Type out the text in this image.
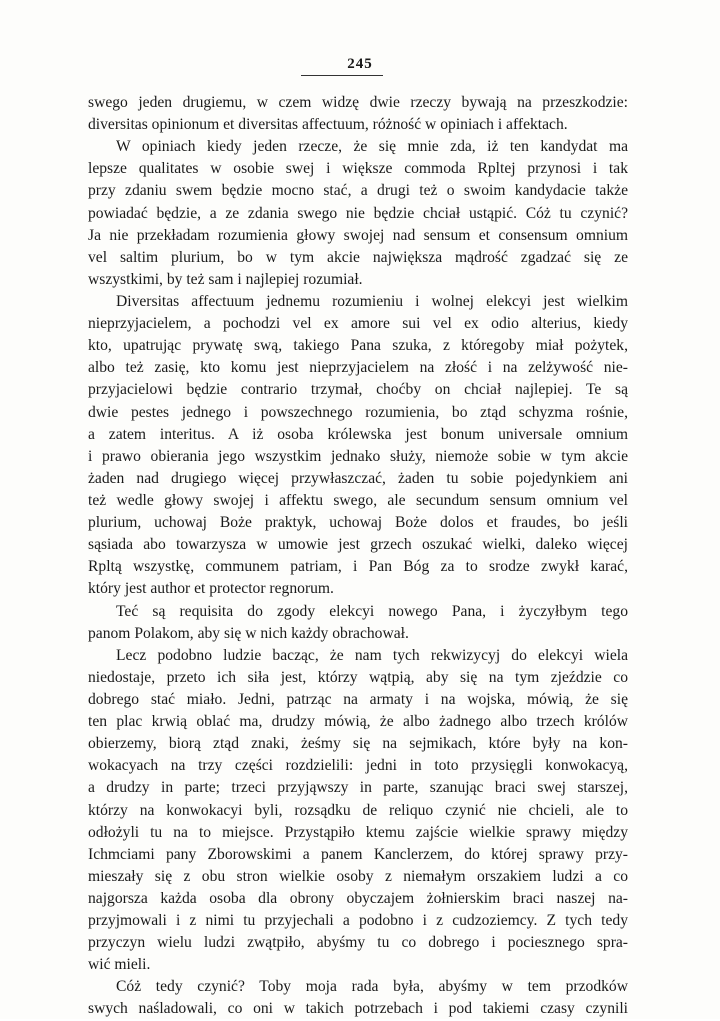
245
swego jeden drugiemu, w czem widzę dwie rzeczy bywają na przeszkodzie:
diversitas opinionum et diversitas affectuum, różność w opiniach i affektach.
W opiniach kiedy jeden rzecze, że się mnie zda, iż ten kandydat ma
lepsze qualitates w osobie swej i większe commoda Rpltej przynosi i tak
przy zdaniu swem będzie mocno stać, a drugi też o swoim kandydacie także
powiadać będzie, a ze zdania swego nie będzie chciał ustąpić. Cóż tu czynić?
Ja nie przekładam rozumienia głowy swojej nad sensum et consensum omnium
vel saltim plurium, bo w tym akcie największa mądrość zgadzać się ze
wszystkimi, by też sam i najlepiej rozumiał.
Diversitas affectuum jednemu rozumieniu i wolnej elekcyi jest wielkim
nieprzyjacielem, a pochodzi vel ex amore sui vel ex odio alterius, kiedy
kto, upatrując prywatę swą, takiego Pana szuka, z któregoby miał pożytek,
albo też zasię, kto komu jest nieprzyjacielem na złość i na zelżywość nie-
przyjacielowi będzie contrario trzymał, choćby on chciał najlepiej. Te są
dwie pestes jednego i powszechnego rozumienia, bo ztąd schyzma rośnie,
a zatem interitus. A iż osoba królewska jest bonum universale omnium
i prawo obierania jego wszystkim jednako służy, niemoże sobie w tym akcie
żaden nad drugiego więcej przywłaszczać, żaden tu sobie pojedynkiem ani
też wedle głowy swojej i affektu swego, ale secundum sensum omnium vel
plurium, uchowaj Boże praktyk, uchowaj Boże dolos et fraudes, bo jeśli
sąsiada abo towarzysza w umowie jest grzech oszukać wielki, daleko więcej
Rpltą wszystkę, communem patriam, i Pan Bóg za to srodze zwykł karać,
który jest author et protector regnorum.
Teć są requisita do zgody elekcyi nowego Pana, i życzyłbym tego
panom Polakom, aby się w nich każdy obrachował.
Lecz podobno ludzie bacząc, że nam tych rekwizycyj do elekcyi wiela
niedostaje, przeto ich siła jest, którzy wątpią, aby się na tym zjeździe co
dobrego stać miało. Jedni, patrząc na armaty i na wojska, mówią, że się
ten plac krwią oblać ma, drudzy mówią, że albo żadnego albo trzech królów
obierzemy, biorą ztąd znaki, żeśmy się na sejmikach, które były na kon-
wokacyach na trzy części rozdzielili: jedni in toto przysięgli konwokacyą,
a drudzy in parte; trzeci przyjąwszy in parte, szanując braci swej starszej,
którzy na konwokacyi byli, rozsądku de reliquo czynić nie chcieli, ale to
odłożyli tu na to miejsce. Przystąpiło ktemu zajście wielkie sprawy między
Ichmciami pany Zborowskimi a panem Kanclerzem, do której sprawy przy-
mieszały się z obu stron wielkie osoby z niemałym orszakiem ludzi a co
najgorsza każda osoba dla obrony obyczajem żołnierskim braci naszej na-
przyjmowali i z nimi tu przyjechali a podobno i z cudzoziemcy. Z tych tedy
przyczyn wielu ludzi zwątpiło, abyśmy tu co dobrego i pociesznego spra-
wić mieli.
Cóż tedy czynić? Toby moja rada była, abyśmy w tem przodków
swych naśladowali, co oni w takich potrzebach i pod takiemi czasy czynili
